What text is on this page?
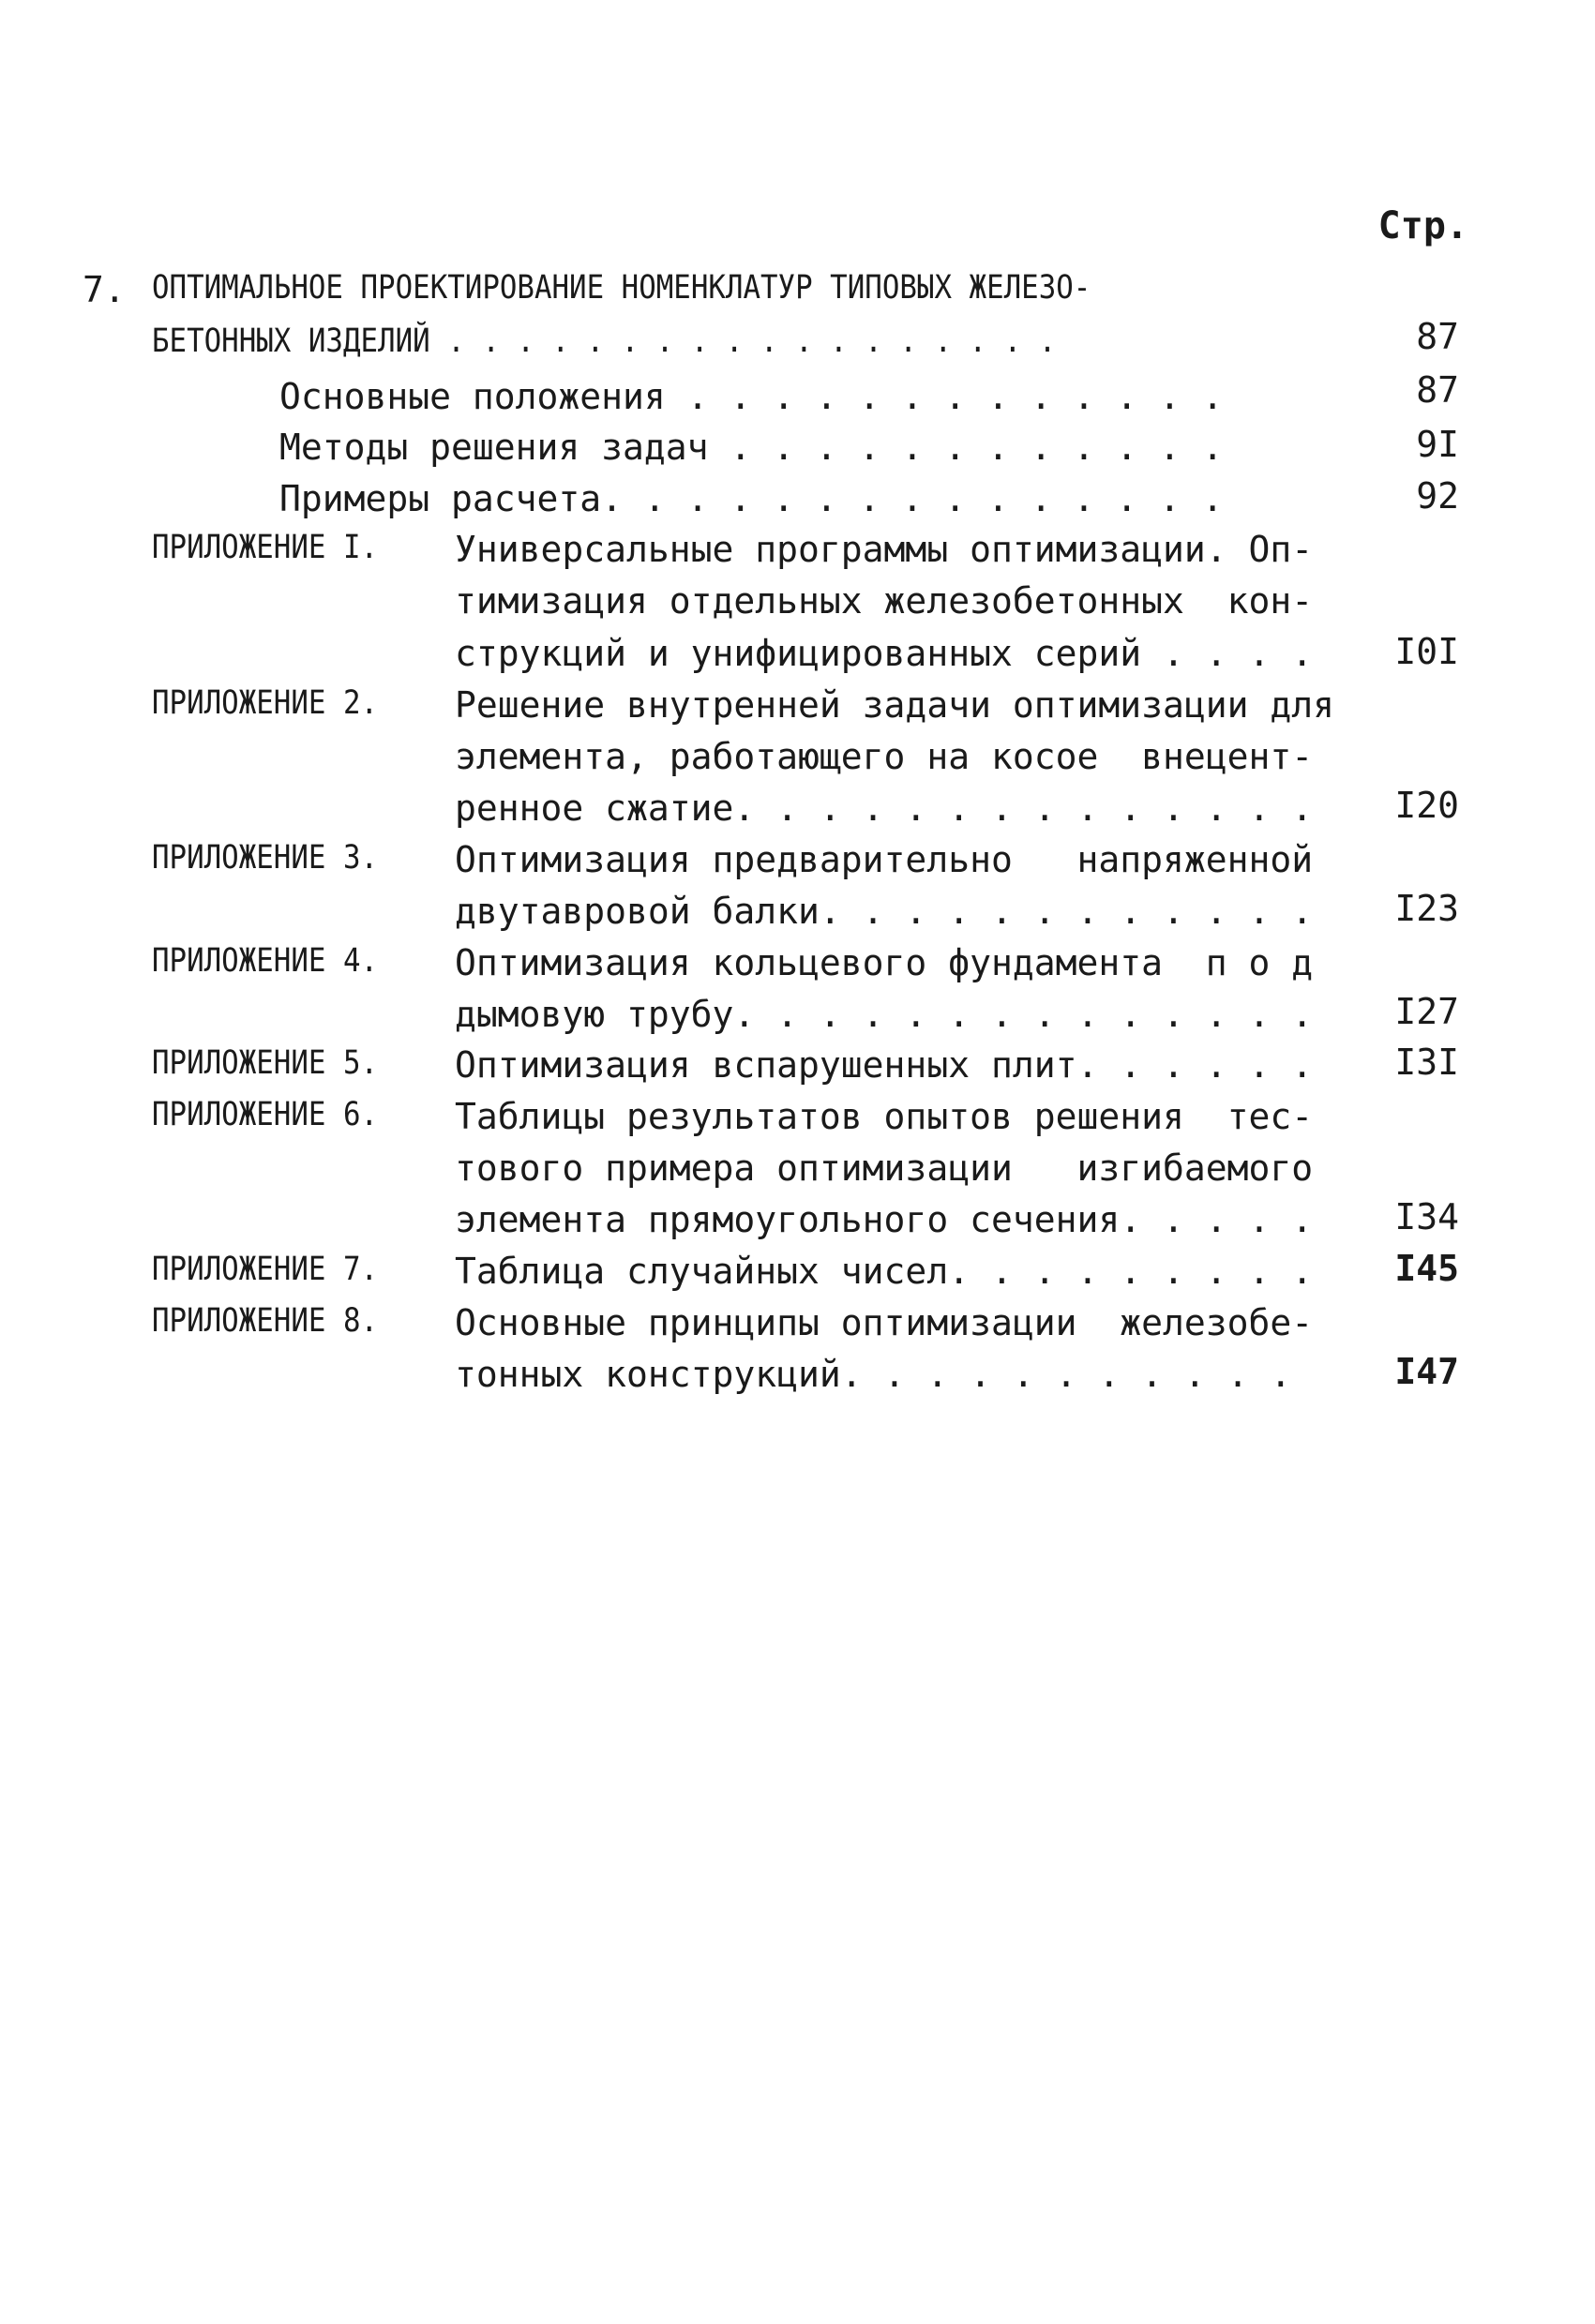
Стр.
7. ОПТИМАЛЬНОЕ ПРОЕКТИРОВАНИЕ НОМЕНКЛАТУР ТИПОВЫХ ЖЕЛЕЗО-
БЕТОННЫХ ИЗДЕЛИЙ . . . . . . . . . . . . . . . . . .	87
Основные положения . . . . . . . . . . . . .	87
Методы решения задач . . . . . . . . . . . .	9I
Примеры расчета. . . . . . . . . . . . . . .	92
ПРИЛОЖЕНИЕ I. Универсальные программы оптимизации. Оп-
тимизация отдельных железобетонных  кон-
струкций и унифицированных серий . . . . I0I
ПРИЛОЖЕНИЕ 2. Решение внутренней задачи оптимизации для
элемента, работающего на косое  внецент-
ренное сжатие. . . . . . . . . . . . . . I20
ПРИЛОЖЕНИЕ 3. Оптимизация предварительно   напряженной
двутавровой балки. . . . . . . . . . . . I23
ПРИЛОЖЕНИЕ 4. Оптимизация кольцевого фундамента  п о д
дымовую трубу. . . . . . . . . . . . . . I27
ПРИЛОЖЕНИЕ 5. Оптимизация вспарушенных плит. . . . . . I3I
ПРИЛОЖЕНИЕ 6. Таблицы результатов опытов решения  тес-
тового примера оптимизации   изгибаемого
элемента прямоугольного сечения. . . . . I34
ПРИЛОЖЕНИЕ 7. Таблица случайных чисел. . . . . . . . . I45
ПРИЛОЖЕНИЕ 8. Основные принципы оптимизации  железобе-
тонных конструкций. . . . . . . . . . .	I47
